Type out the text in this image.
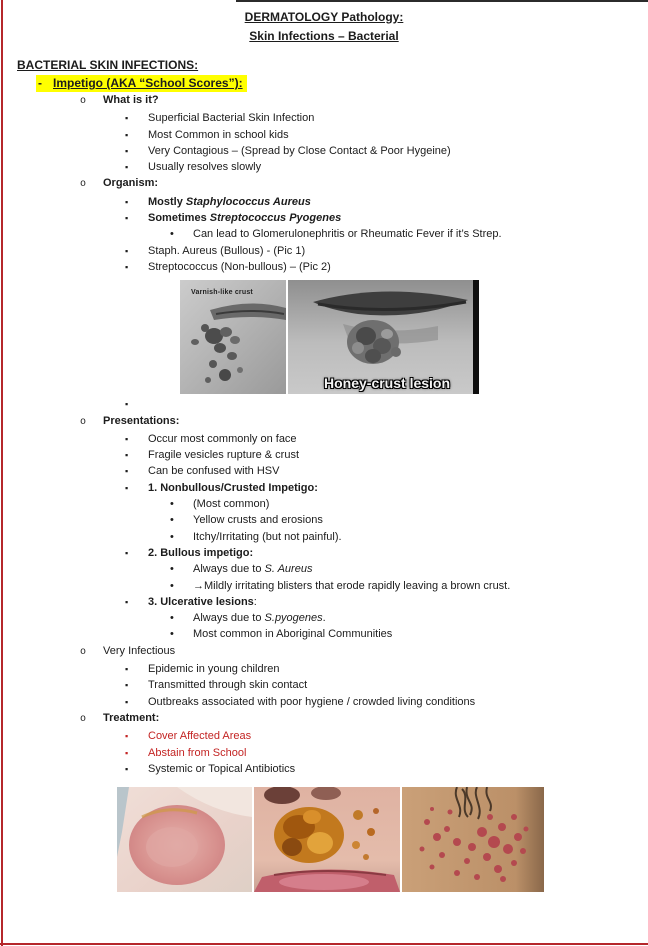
DERMATOLOGY Pathology:
Skin Infections – Bacterial
BACTERIAL SKIN INFECTIONS:
- Impetigo (AKA “School Scores”):
o	What is it?
▪	Superficial Bacterial Skin Infection
▪	Most Common in school kids
▪	Very Contagious – (Spread by Close Contact & Poor Hygeine)
▪	Usually resolves slowly
o	Organism:
▪	Mostly Staphylococcus Aureus
▪	Sometimes Streptococcus Pyogenes
•	Can lead to Glomerulonephritis or Rheumatic Fever if it’s Strep.
▪	Staph. Aureus (Bullous) - (Pic 1)
▪	Streptococcus (Non-bullous) – (Pic 2)
Varnish-like crust
Honey-crust lesion
▪
o	Presentations:
▪	Occur most commonly on face
▪	Fragile vesicles rupture & crust
▪	Can be confused with HSV
▪	1. Nonbullous/Crusted Impetigo:
•	(Most common)
•	Yellow crusts and erosions
•	Itchy/Irritating (but not painful).
▪	2. Bullous impetigo:
•	Always due to S. Aureus
•	→Mildly irritating blisters that erode rapidly leaving a brown crust.
▪	3. Ulcerative lesions:
•	Always due to S.pyogenes.
•	Most common in Aboriginal Communities
o	Very Infectious
▪	Epidemic in young children
▪	Transmitted through skin contact
▪	Outbreaks associated with poor hygiene / crowded living conditions
o	Treatment:
▪	Cover Affected Areas
▪	Abstain from School
▪	Systemic or Topical Antibiotics
